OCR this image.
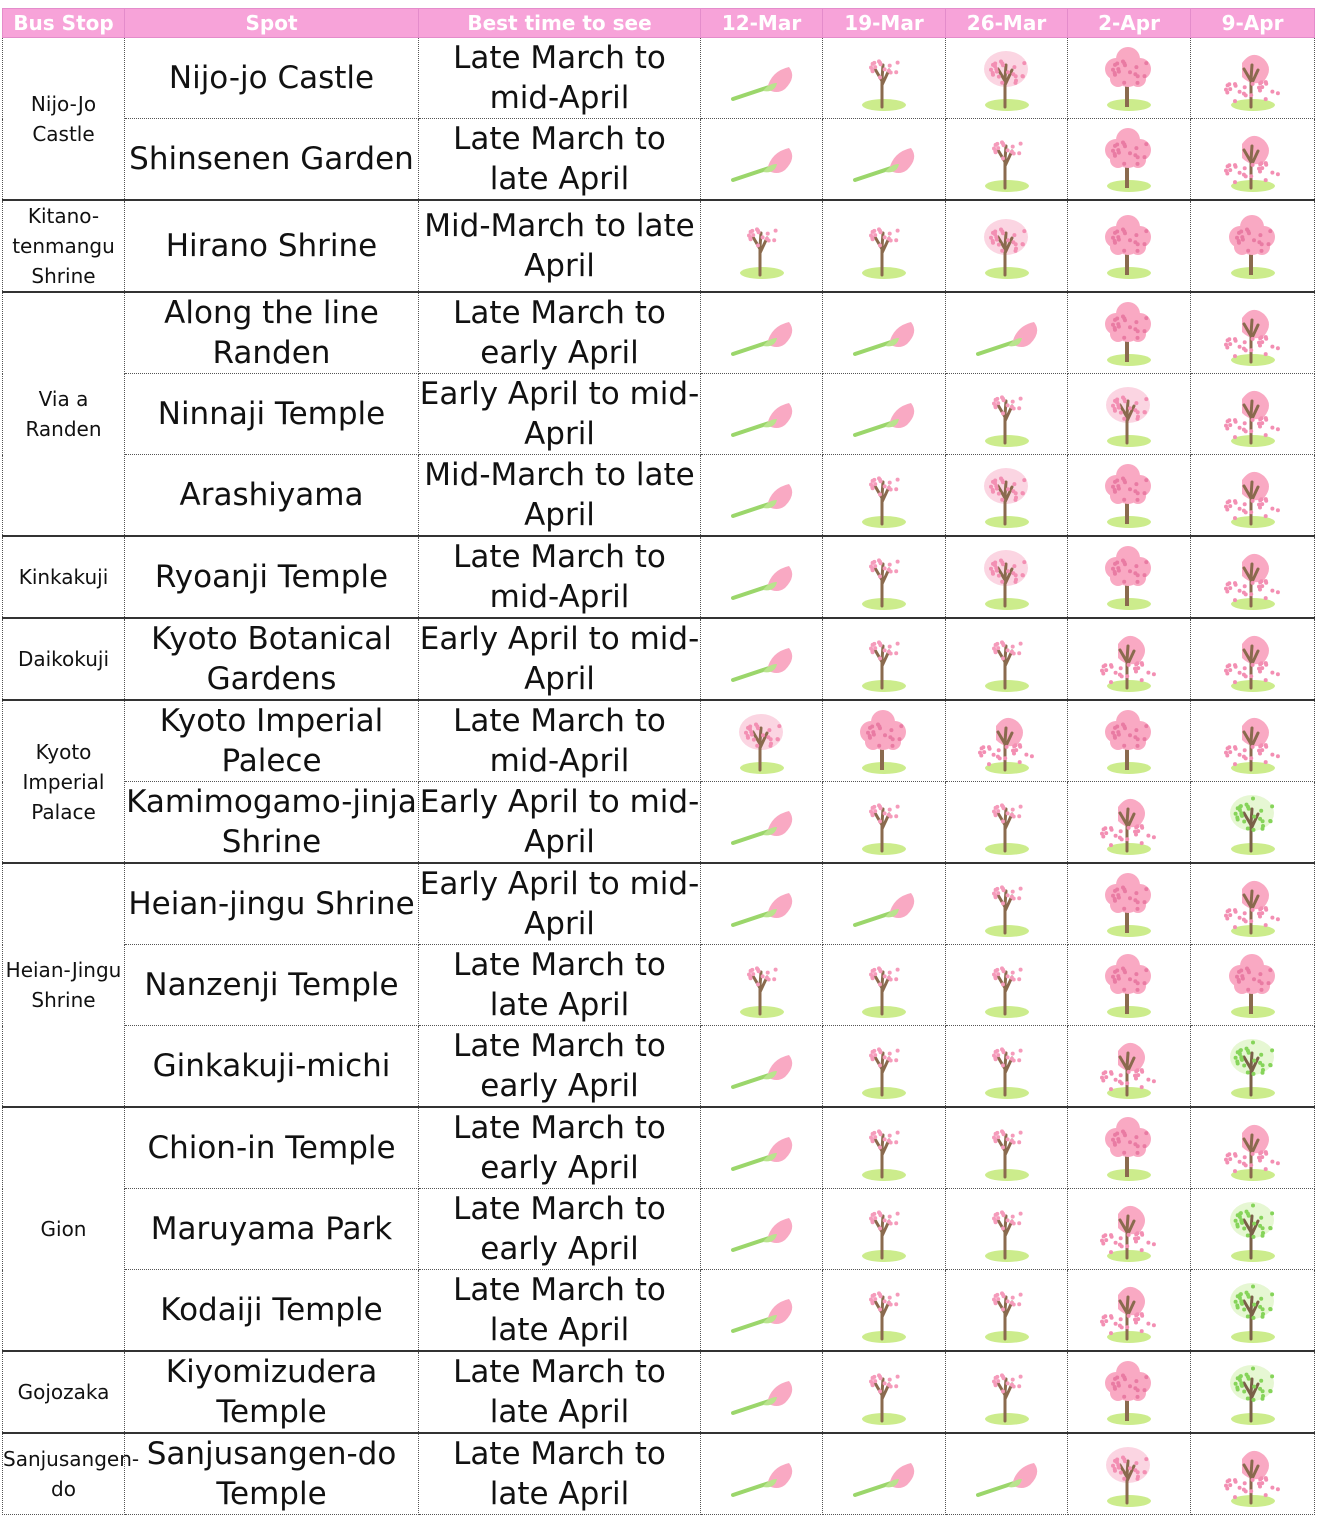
Bus Stop	Spot	Best time to see	12-Mar	19-Mar	26-Mar	2-Apr	9-Apr
Nijo-Jo Castle	Nijo-jo Castle	Late March to mid-April	

	Shinsenen Garden	Late March to late April	

Kitano-tenmangu Shrine	Hirano Shrine	Mid-March to late April	

Via a Randen	Along the line Randen	Late March to early April	

	Ninnaji Temple	Early April to mid-April	

	Arashiyama	Mid-March to late April	

Kinkakuji	Ryoanji Temple	Late March to mid-April	

Daikokuji	Kyoto Botanical Gardens	Early April to mid-April	

Kyoto Imperial Palace	Kyoto Imperial Palece	Late March to mid-April	

	Kamimogamo-jinja Shrine	Early April to mid-April	

Heian-Jingu Shrine	Heian-jingu Shrine	Early April to mid-April	

	Nanzenji Temple	Late March to late April	

	Ginkakuji-michi	Late March to early April	

Gion	Chion-in Temple	Late March to early April	

	Maruyama Park	Late March to early April	

	Kodaiji Temple	Late March to late April	

Gojozaka	Kiyomizudera Temple	Late March to late April	

Sanjusangen-do	Sanjusangen-do Temple	Late March to late April	
